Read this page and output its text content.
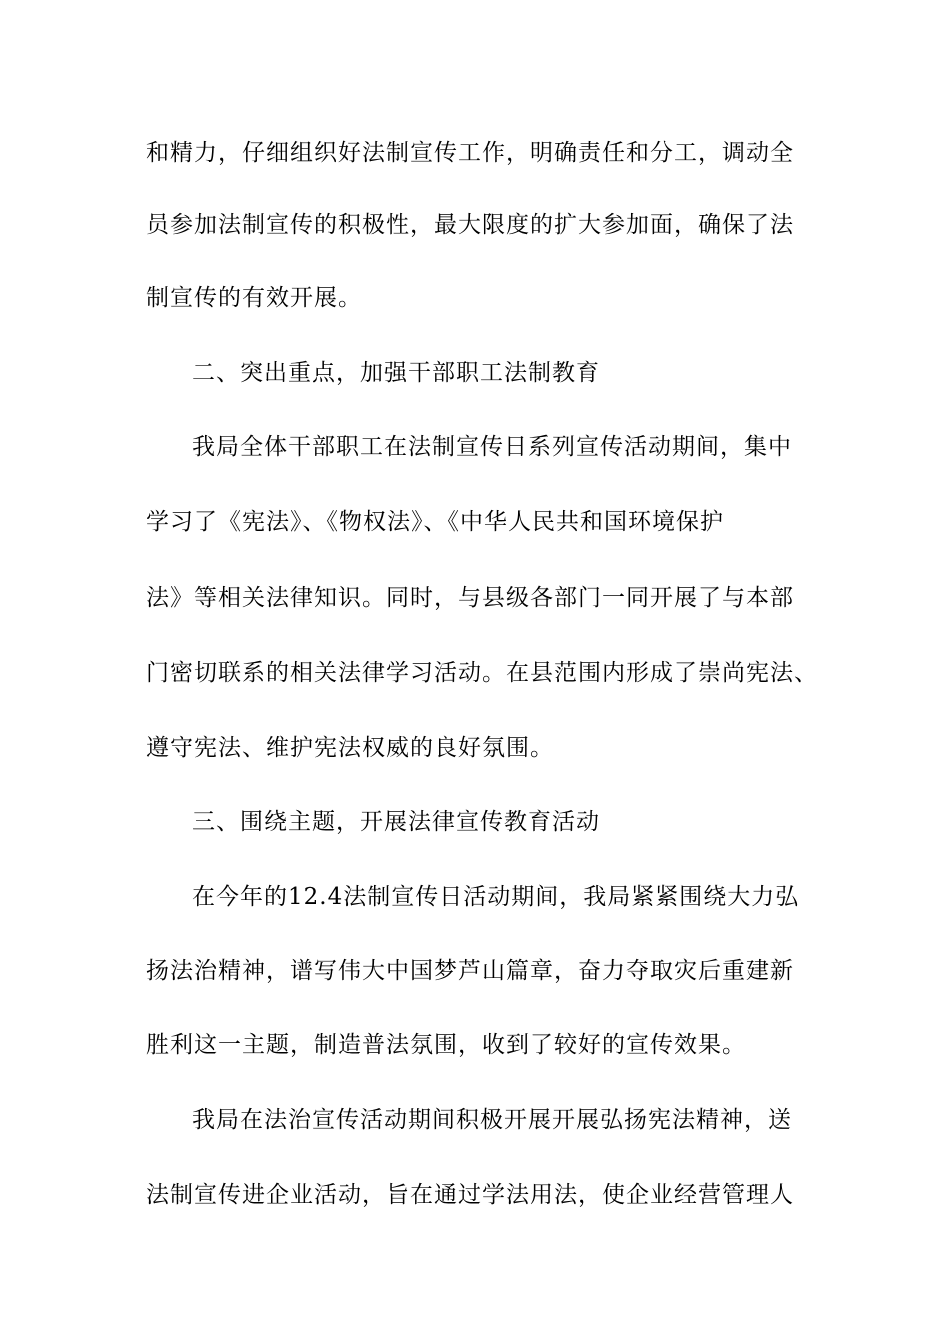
和精力，仔细组织好法制宣传工作，明确责任和分工，调动全
员参加法制宣传的积极性，最大限度的扩大参加面，确保了法
制宣传的有效开展。
二、突出重点，加强干部职工法制教育
我局全体干部职工在法制宣传日系列宣传活动期间，集中
学习了《宪法》、《物权法》、《中华人民共和国环境保护
法》等相关法律知识。同时，与县级各部门一同开展了与本部
门密切联系的相关法律学习活动。在县范围内形成了崇尚宪法、
遵守宪法、维护宪法权威的良好氛围。
三、围绕主题，开展法律宣传教育活动
在今年的12.4法制宣传日活动期间，我局紧紧围绕大力弘
扬法治精神，谱写伟大中国梦芦山篇章，奋力夺取灾后重建新
胜利这一主题，制造普法氛围，收到了较好的宣传效果。
我局在法治宣传活动期间积极开展开展弘扬宪法精神，送
法制宣传进企业活动，旨在通过学法用法，使企业经营管理人
